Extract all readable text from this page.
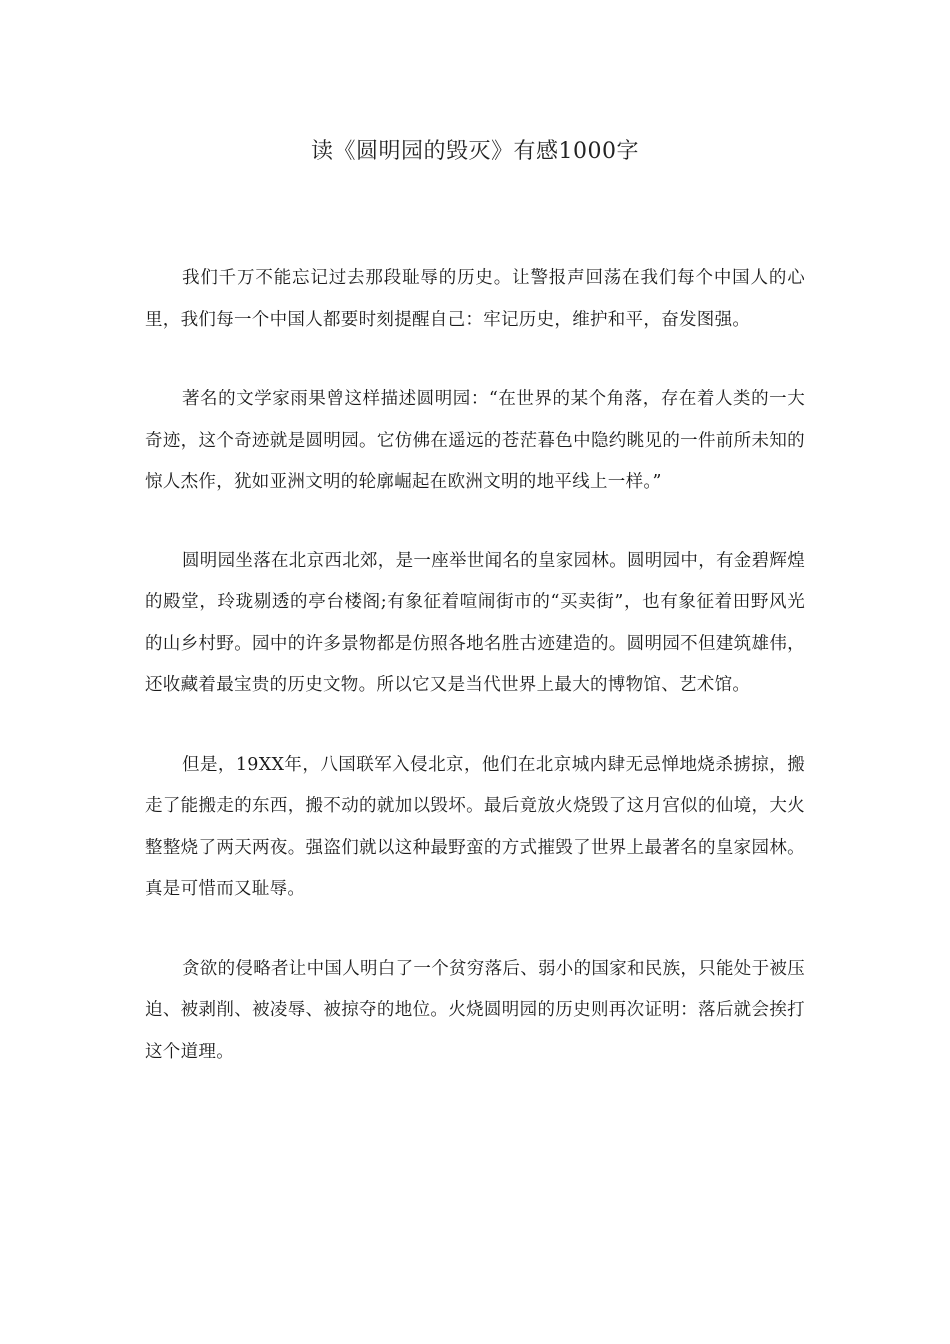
读《圆明园的毁灭》有感1000字

我们千万不能忘记过去那段耻辱的历史。让警报声回荡在我们每个中国人的心里，我们每一个中国人都要时刻提醒自己：牢记历史，维护和平，奋发图强。

著名的文学家雨果曾这样描述圆明园：“在世界的某个角落，存在着人类的一大奇迹，这个奇迹就是圆明园。它仿佛在遥远的苍茫暮色中隐约眺见的一件前所未知的惊人杰作，犹如亚洲文明的轮廓崛起在欧洲文明的地平线上一样。”

圆明园坐落在北京西北郊，是一座举世闻名的皇家园林。圆明园中，有金碧辉煌的殿堂，玲珑剔透的亭台楼阁;有象征着喧闹街市的“买卖街”，也有象征着田野风光的山乡村野。园中的许多景物都是仿照各地名胜古迹建造的。圆明园不但建筑雄伟，还收藏着最宝贵的历史文物。所以它又是当代世界上最大的博物馆、艺术馆。

但是，19XX年，八国联军入侵北京，他们在北京城内肆无忌惮地烧杀掳掠，搬走了能搬走的东西，搬不动的就加以毁坏。最后竟放火烧毁了这月宫似的仙境，大火整整烧了两天两夜。强盗们就以这种最野蛮的方式摧毁了世界上最著名的皇家园林。真是可惜而又耻辱。

贪欲的侵略者让中国人明白了一个贫穷落后、弱小的国家和民族，只能处于被压迫、被剥削、被凌辱、被掠夺的地位。火烧圆明园的历史则再次证明：落后就会挨打这个道理。
